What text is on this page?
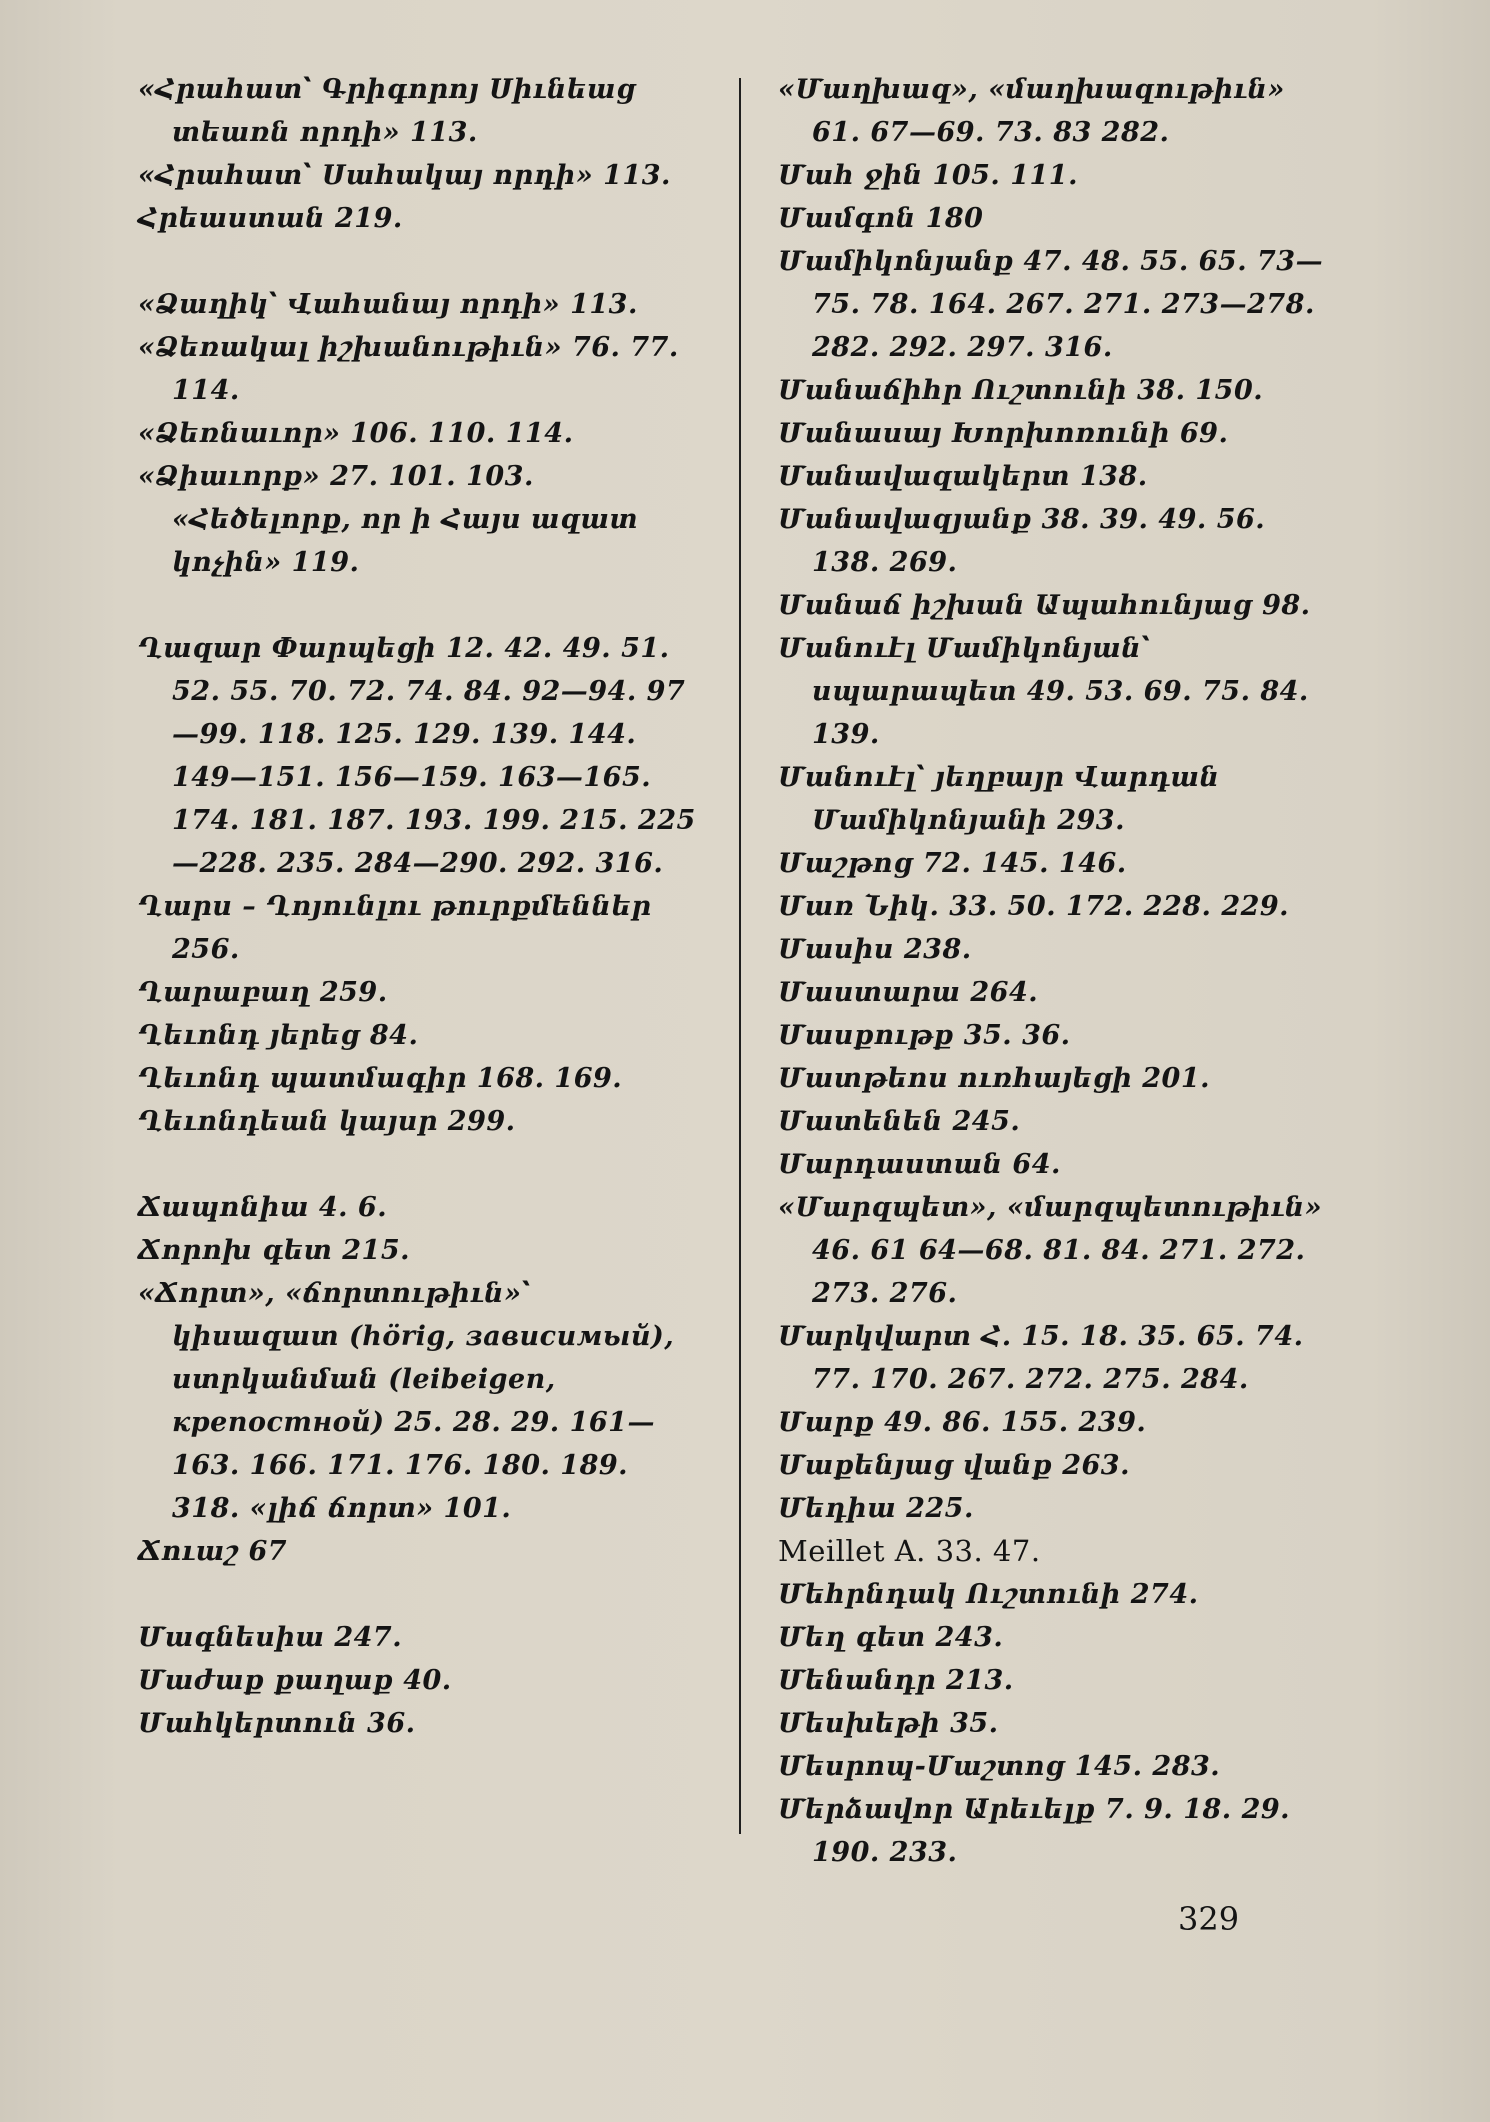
«Հրահատ՝ Գրիգորոյ Սիւնեաց տեառն որդի» 113.

«Հրահատ՝ Սահակայ որդի» 113.

Հրեաստան 219.

«Ձաղիկ՝ Վահանայ որդի» 113.

«Ձեռակալ իշխանութիւն» 76. 77. 114.

«Ձեռնաւոր» 106. 110. 114.

«Ձիաւորք» 27. 101. 103. «Հեծելորք, որ ի Հայս ազատ կոչին» 119.

Ղազար Փարպեցի 12. 42. 49. 51. 52. 55. 70. 72. 74. 84. 92—94. 97—99. 118. 125. 129. 139. 144. 149—151. 156—159. 163—165. 174. 181. 187. 193. 199. 215. 225—228. 235. 284—290. 292. 316.

Ղարս – Ղոյունլու թուրքմեններ 256.

Ղարաբաղ 259.

Ղեւոնդ յերեց 84.

Ղեւոնդ պատմագիր 168. 169.

Ղեւոնդեան կայսր 299.

Ճապոնիա 4. 6.

Ճորոխ գետ 215.

«Ճորտ», «ճորտութիւն»՝ կիսազատ (hörig, зависимый), ստրկանման (leibeigen, крепостной) 25. 28. 29. 161—163. 166. 171. 176. 180. 189. 318. «լիճ ճորտ» 101.

Ճուաշ 67

Մագնեսիա 247.

Մաժաք քաղաք 40.

Մահկերտուն 36.

«Մաղխազ», «մաղխազութիւն» 61. 67—69. 73. 83 282.

Մահ ջին 105. 111.

Մամգոն 180

Մամիկոնյանք 47. 48. 55. 65. 73—75. 78. 164. 267. 271. 273—278. 282. 292. 297. 316.

Մանաճիհր Ուշտունի 38. 150.

Մանասայ Խորխոռունի 69.

Մանավազակերտ 138.

Մանավազյանք 38. 39. 49. 56. 138. 269.

Մանաճ իշխան Ապահունյաց 98.

Մանուէլ Մամիկոնյան՝ սպարապետ 49. 53. 69. 75. 84. 139.

Մանուէլ՝ յեղբայր Վարդան Մամիկոնյանի 293.

Մաշթոց 72. 145. 146.

Մառ Նիկ. 33. 50. 172. 228. 229.

Մասիս 238.

Մաստարա 264.

Մասքութք 35. 36.

Մատթեոս ուռհայեցի 201.

Մատենեն 245.

Մարդաստան 64.

«Մարզպետ», «մարզպետութիւն» 46. 61 64—68. 81. 84. 271. 272. 273. 276.

Մարկվարտ Հ. 15. 18. 35. 65. 74. 77. 170. 267. 272. 275. 284.

Մարք 49. 86. 155. 239.

Մաքենյաց վանք 263.

Մեդիա 225.

Meillet A. 33. 47.

Մեհրնդակ Ուշտունի 274.

Մեղ գետ 243.

Մենանդր 213.

Մեսխեթի 35.

Մեսրոպ-Մաշտոց 145. 283.

Մերձավոր Արեւելք 7. 9. 18. 29. 190. 233.

329
